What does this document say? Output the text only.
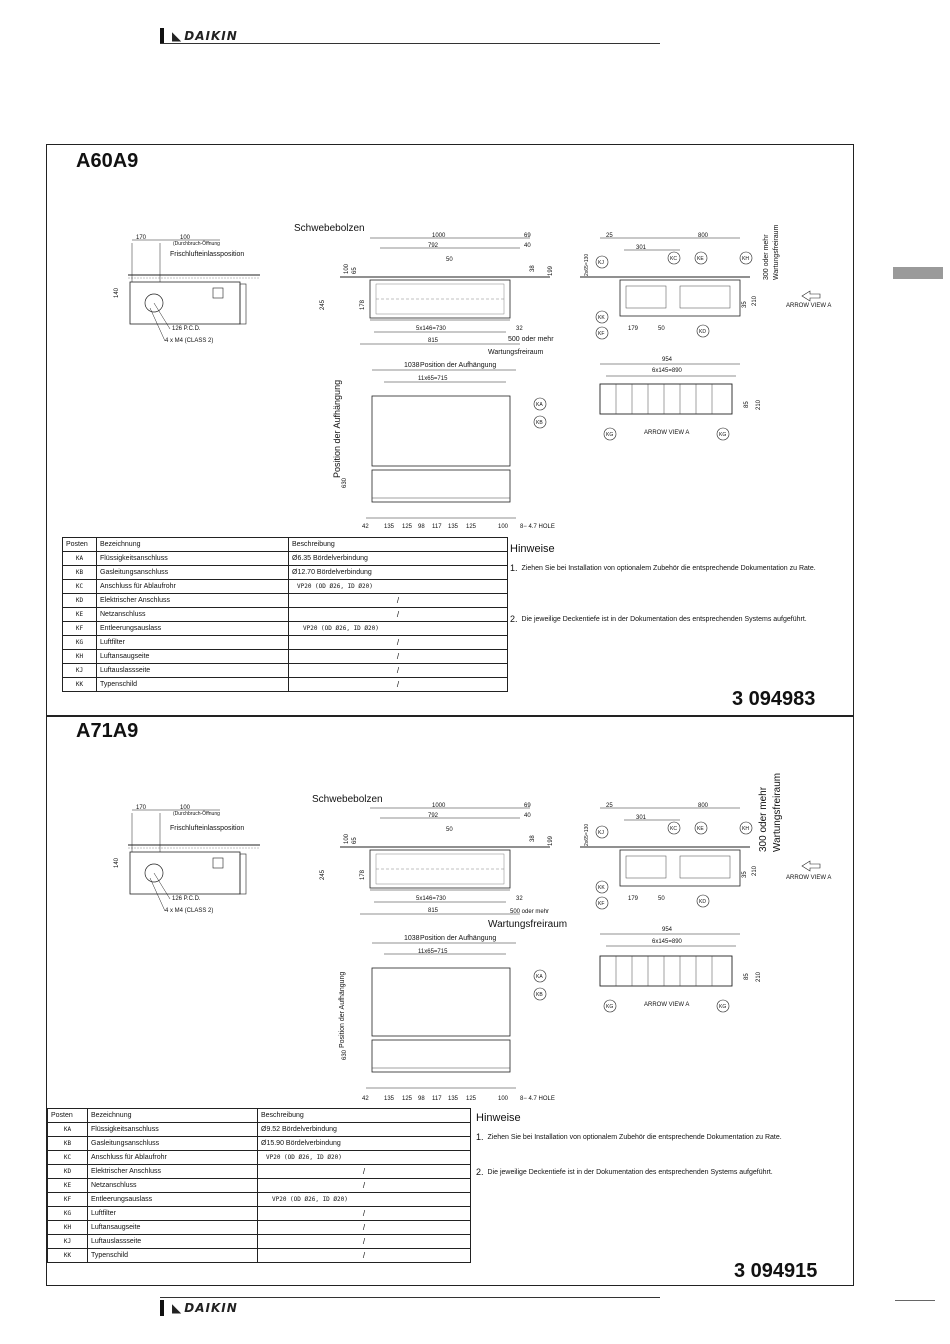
◣ DAIKIN
A60A9
170	100
(Durchbruch-Öffnung
Frischlufteinlassposition
140
126 P.C.D.
4 x M4 (CLASS 2)
Schwebebolzen
1000
792
69
40
50
38 199
100 65
178
245
5x146=730	32
815	500 oder mehr
Wartungsfreiraum
KJ
KC	KE	KH
KK
KF	KD
25	800
301
2x65=130
210
35
179	50
300 oder mehr Wartungsfreiraum
ARROW VIEW A
1038 Position der Aufhängung
11x65=715
KA
KB
Position der Aufhängung
630
42	135 125 98 117 135 125	100 8− 4.7 HOLE
954
6x145=890
85 210
KG	KG
ARROW VIEW A
Posten	Bezeichnung	Beschreibung
KA	Flüssigkeitsanschluss	Ø6.35 Bördelverbindung
KB	Gasleitungsanschluss	Ø12.70 Bördelverbindung
KC	Anschluss für Ablaufrohr	VP20 (OD Ø26, ID Ø20)
KD	Elektrischer Anschluss	/
KE	Netzanschluss	/
KF	Entleerungsauslass	VP20 (OD Ø26, ID Ø20)
KG	Luftfilter	/
KH	Luftansaugseite	/
KJ	Luftauslassseite	/
KK	Typenschild	/
Hinweise
1. Ziehen Sie bei Installation von optionalem Zubehör die entsprechende Dokumentation zu Rate.
2. Die jeweilige Deckentiefe ist in der Dokumentation des entsprechenden Systems aufgeführt.
3 094983
A71A9
170	100
(Durchbruch-Öffnung
Frischlufteinlassposition
140
126 P.C.D.
4 x M4 (CLASS 2)
Schwebebolzen
1000
792
69
40
50
38 199
100 65
178
245
5x146=730	32
815	500 oder mehr
Wartungsfreiraum
KJ
KC	KE	KH
KK
KF	KD
25	800
301
2x65=130
210
35
179	50
300 oder mehr Wartungsfreiraum
ARROW VIEW A
1038 Position der Aufhängung
11x65=715
KA
KB
Position der Aufhängung
630
42	135 125 98 117 135 125	100 8− 4.7 HOLE
954
6x145=890
85 210
KG	KG
ARROW VIEW A
Posten	Bezeichnung	Beschreibung
KA	Flüssigkeitsanschluss	Ø9.52 Bördelverbindung
KB	Gasleitungsanschluss	Ø15.90 Bördelverbindung
KC	Anschluss für Ablaufrohr	VP20 (OD Ø26, ID Ø20)
KD	Elektrischer Anschluss	/
KE	Netzanschluss	/
KF	Entleerungsauslass	VP20 (OD Ø26, ID Ø20)
KG	Luftfilter	/
KH	Luftansaugseite	/
KJ	Luftauslassseite	/
KK	Typenschild	/
Hinweise
1. Ziehen Sie bei Installation von optionalem Zubehör die entsprechende Dokumentation zu Rate.
2. Die jeweilige Deckentiefe ist in der Dokumentation des entsprechenden Systems aufgeführt.
3 094915
◣ DAIKIN
